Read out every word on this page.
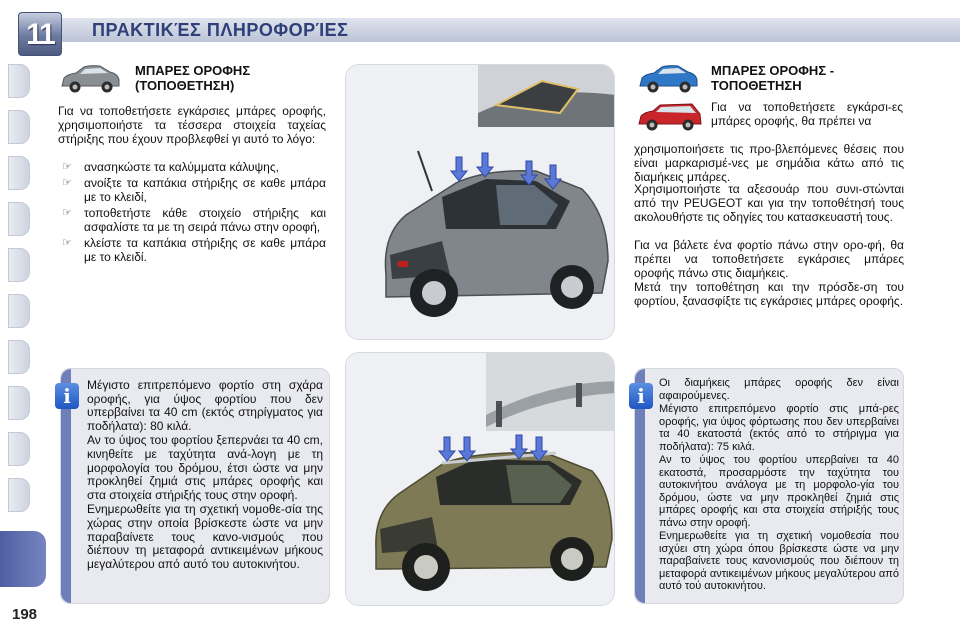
11	ΠΡΑΚΤΙΚΈΣ ΠΛΗΡΟΦΟΡΊΕΣ
198
ΜΠΑΡΕΣ ΟΡΟΦΗΣ
(ΤΟΠΟΘΕΤΗΣΗ)
Για να τοποθετήσετε εγκάρσιες μπάρες οροφής, χρησιμοποιήστε τα τέσσερα στοιχεία ταχείας στήριξης που έχουν προβλεφθεί γι αυτό το λόγο:
☞ ανασηκώστε τα καλύμματα κάλυψης,
☞ ανοίξτε τα καπάκια στήριξης σε καθε μπάρα με το κλειδί,
☞ τοποθετήστε κάθε στοιχείο στήριξης και ασφαλίστε τα με τη σειρά πάνω στην οροφή,
☞ κλείστε τα καπάκια στήριξης σε καθε μπάρα με το κλειδί.
ΜΠΑΡΕΣ ΟΡΟΦΗΣ -
ΤΟΠΟΘΕΤΗΣΗ
Για να τοποθετήσετε εγκάρσι-ες μπάρες οροφής, θα πρέπει να
Χρησιμοποιήστε τα αξεσουάρ που συνι-στώνται από την PEUGEOT και για την τοποθέτησή τους ακολουθήστε τις οδηγίες του κατασκευαστή τους.
Για να βάλετε ένα φορτίο πάνω στην ορο-φή, θα πρέπει να τοποθετήσετε εγκάρσιες μπάρες οροφής πάνω στις διαμήκεις.
Μετά την τοποθέτηση και την πρόσδε-ση του φορτίου, ξανασφίξτε τις εγκάρσιες μπάρες οροφής.
i	Μέγιστο επιτρεπόμενο φορτίο στη σχάρα οροφής, για ύψος φορτίου που δεν υπερβαίνει τα 40 cm (εκτός στηρίγματος για ποδήλατα): 80 κιλά.

Αν το ύψος του φορτίου ξεπερνάει τα 40 cm, κινηθείτε με ταχύτητα ανά-λογη με τη μορφολογία του δρόμου, έτσι ώστε να μην προκληθεί ζημιά στις μπάρες οροφής και στα στοιχεία στήριξής τους στην οροφή.

Ενημερωθείτε για τη σχετική νομοθε-σία της χώρας στην οποία βρίσκεστε ώστε να μην παραβαίνετε τους κανο-νισμούς που διέπουν τη μεταφορά αντικειμένων μήκους μεγαλύτερου από αυτό του αυτοκινήτου.

i

Οι διαμήκεις μπάρες οροφής δεν είναι αφαιρούμενες.

Μέγιστο επιτρεπόμενο φορτίο στις μπά-ρες οροφής, για ύψος φόρτωσης που δεν υπερβαίνει τα 40 εκατοστά (εκτός από το στήριγμα για ποδήλατα): 75 κιλά.

Αν το ύψος του φορτίου υπερβαίνει τα 40 εκατοστά, προσαρμόστε την ταχύτητα του αυτοκινήτου ανάλογα με τη μορφολο-γία του δρόμου, ώστε να μην προκληθεί ζημιά στις μπάρες οροφής και στα στοιχεία στήριξής τους πάνω στην οροφή.

Ενημερωθείτε για τη σχετική νομοθεσία που ισχύει στη χώρα όπου βρίσκεστε ώστε να μην παραβαίνετε τους κανονισμούς που διέπουν τη μεταφορά αντικειμένων μήκους μεγαλύτερου από αυτό τού αυτοκινήτου.

χρησιμοποιήσετε τις προ-βλεπόμενες θέσεις που είναι μαρκαρισμέ-νες με σημάδια κάτω από τις διαμήκεις μπάρες.
